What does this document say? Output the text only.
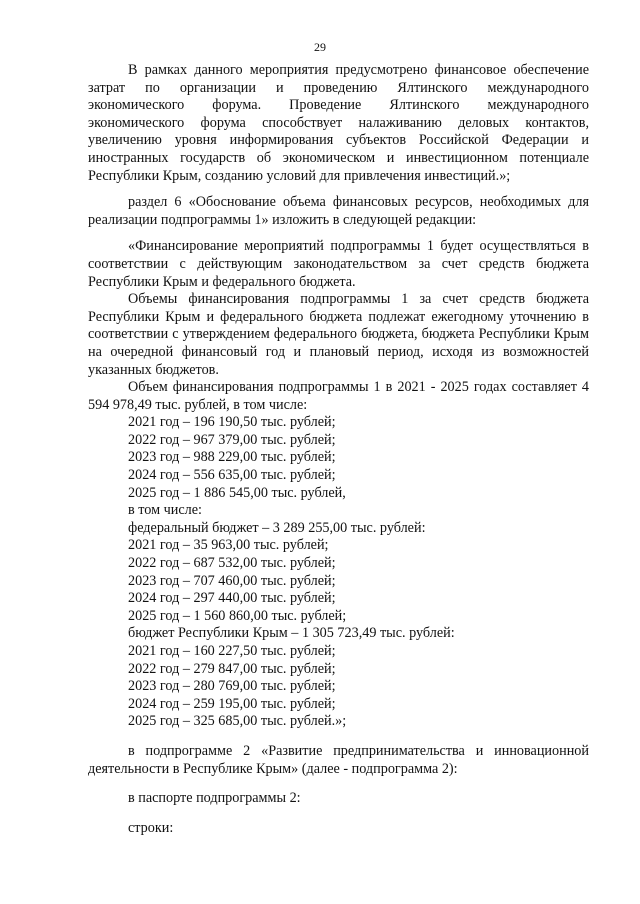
29

В рамках данного мероприятия предусмотрено финансовое обеспечение затрат по организации и проведению Ялтинского международного экономического форума. Проведение Ялтинского международного экономического форума способствует налаживанию деловых контактов, увеличению уровня информирования субъектов Российской Федерации и иностранных государств об экономическом и инвестиционном потенциале Республики Крым, созданию условий для привлечения инвестиций.»;

раздел 6 «Обоснование объема финансовых ресурсов, необходимых для реализации подпрограммы 1» изложить в следующей редакции:

«Финансирование мероприятий подпрограммы 1 будет осуществляться в соответствии с действующим законодательством за счет средств бюджета Республики Крым и федерального бюджета.

Объемы финансирования подпрограммы 1 за счет средств бюджета Республики Крым и федерального бюджета подлежат ежегодному уточнению в соответствии с утверждением федерального бюджета, бюджета Республики Крым на очередной финансовый год и плановый период, исходя из возможностей указанных бюджетов.

Объем финансирования подпрограммы 1 в 2021 - 2025 годах составляет 4 594 978,49 тыс. рублей, в том числе:

2021 год – 196 190,50 тыс. рублей;

2022 год – 967 379,00 тыс. рублей;

2023 год – 988 229,00 тыс. рублей;

2024 год – 556 635,00 тыс. рублей;

2025 год – 1 886 545,00 тыс. рублей,

в том числе:

федеральный бюджет – 3 289 255,00 тыс. рублей:

2021 год – 35 963,00 тыс. рублей;

2022 год – 687 532,00 тыс. рублей;

2023 год – 707 460,00 тыс. рублей;

2024 год – 297 440,00 тыс. рублей;

2025 год – 1 560 860,00 тыс. рублей;

бюджет Республики Крым – 1 305 723,49 тыс. рублей:

2021 год – 160 227,50 тыс. рублей;

2022 год – 279 847,00 тыс. рублей;

2023 год – 280 769,00 тыс. рублей;

2024 год – 259 195,00 тыс. рублей;

2025 год – 325 685,00 тыс. рублей.»;

в подпрограмме 2 «Развитие предпринимательства и инновационной деятельности в Республике Крым» (далее - подпрограмма 2):

в паспорте подпрограммы 2:

строки:
